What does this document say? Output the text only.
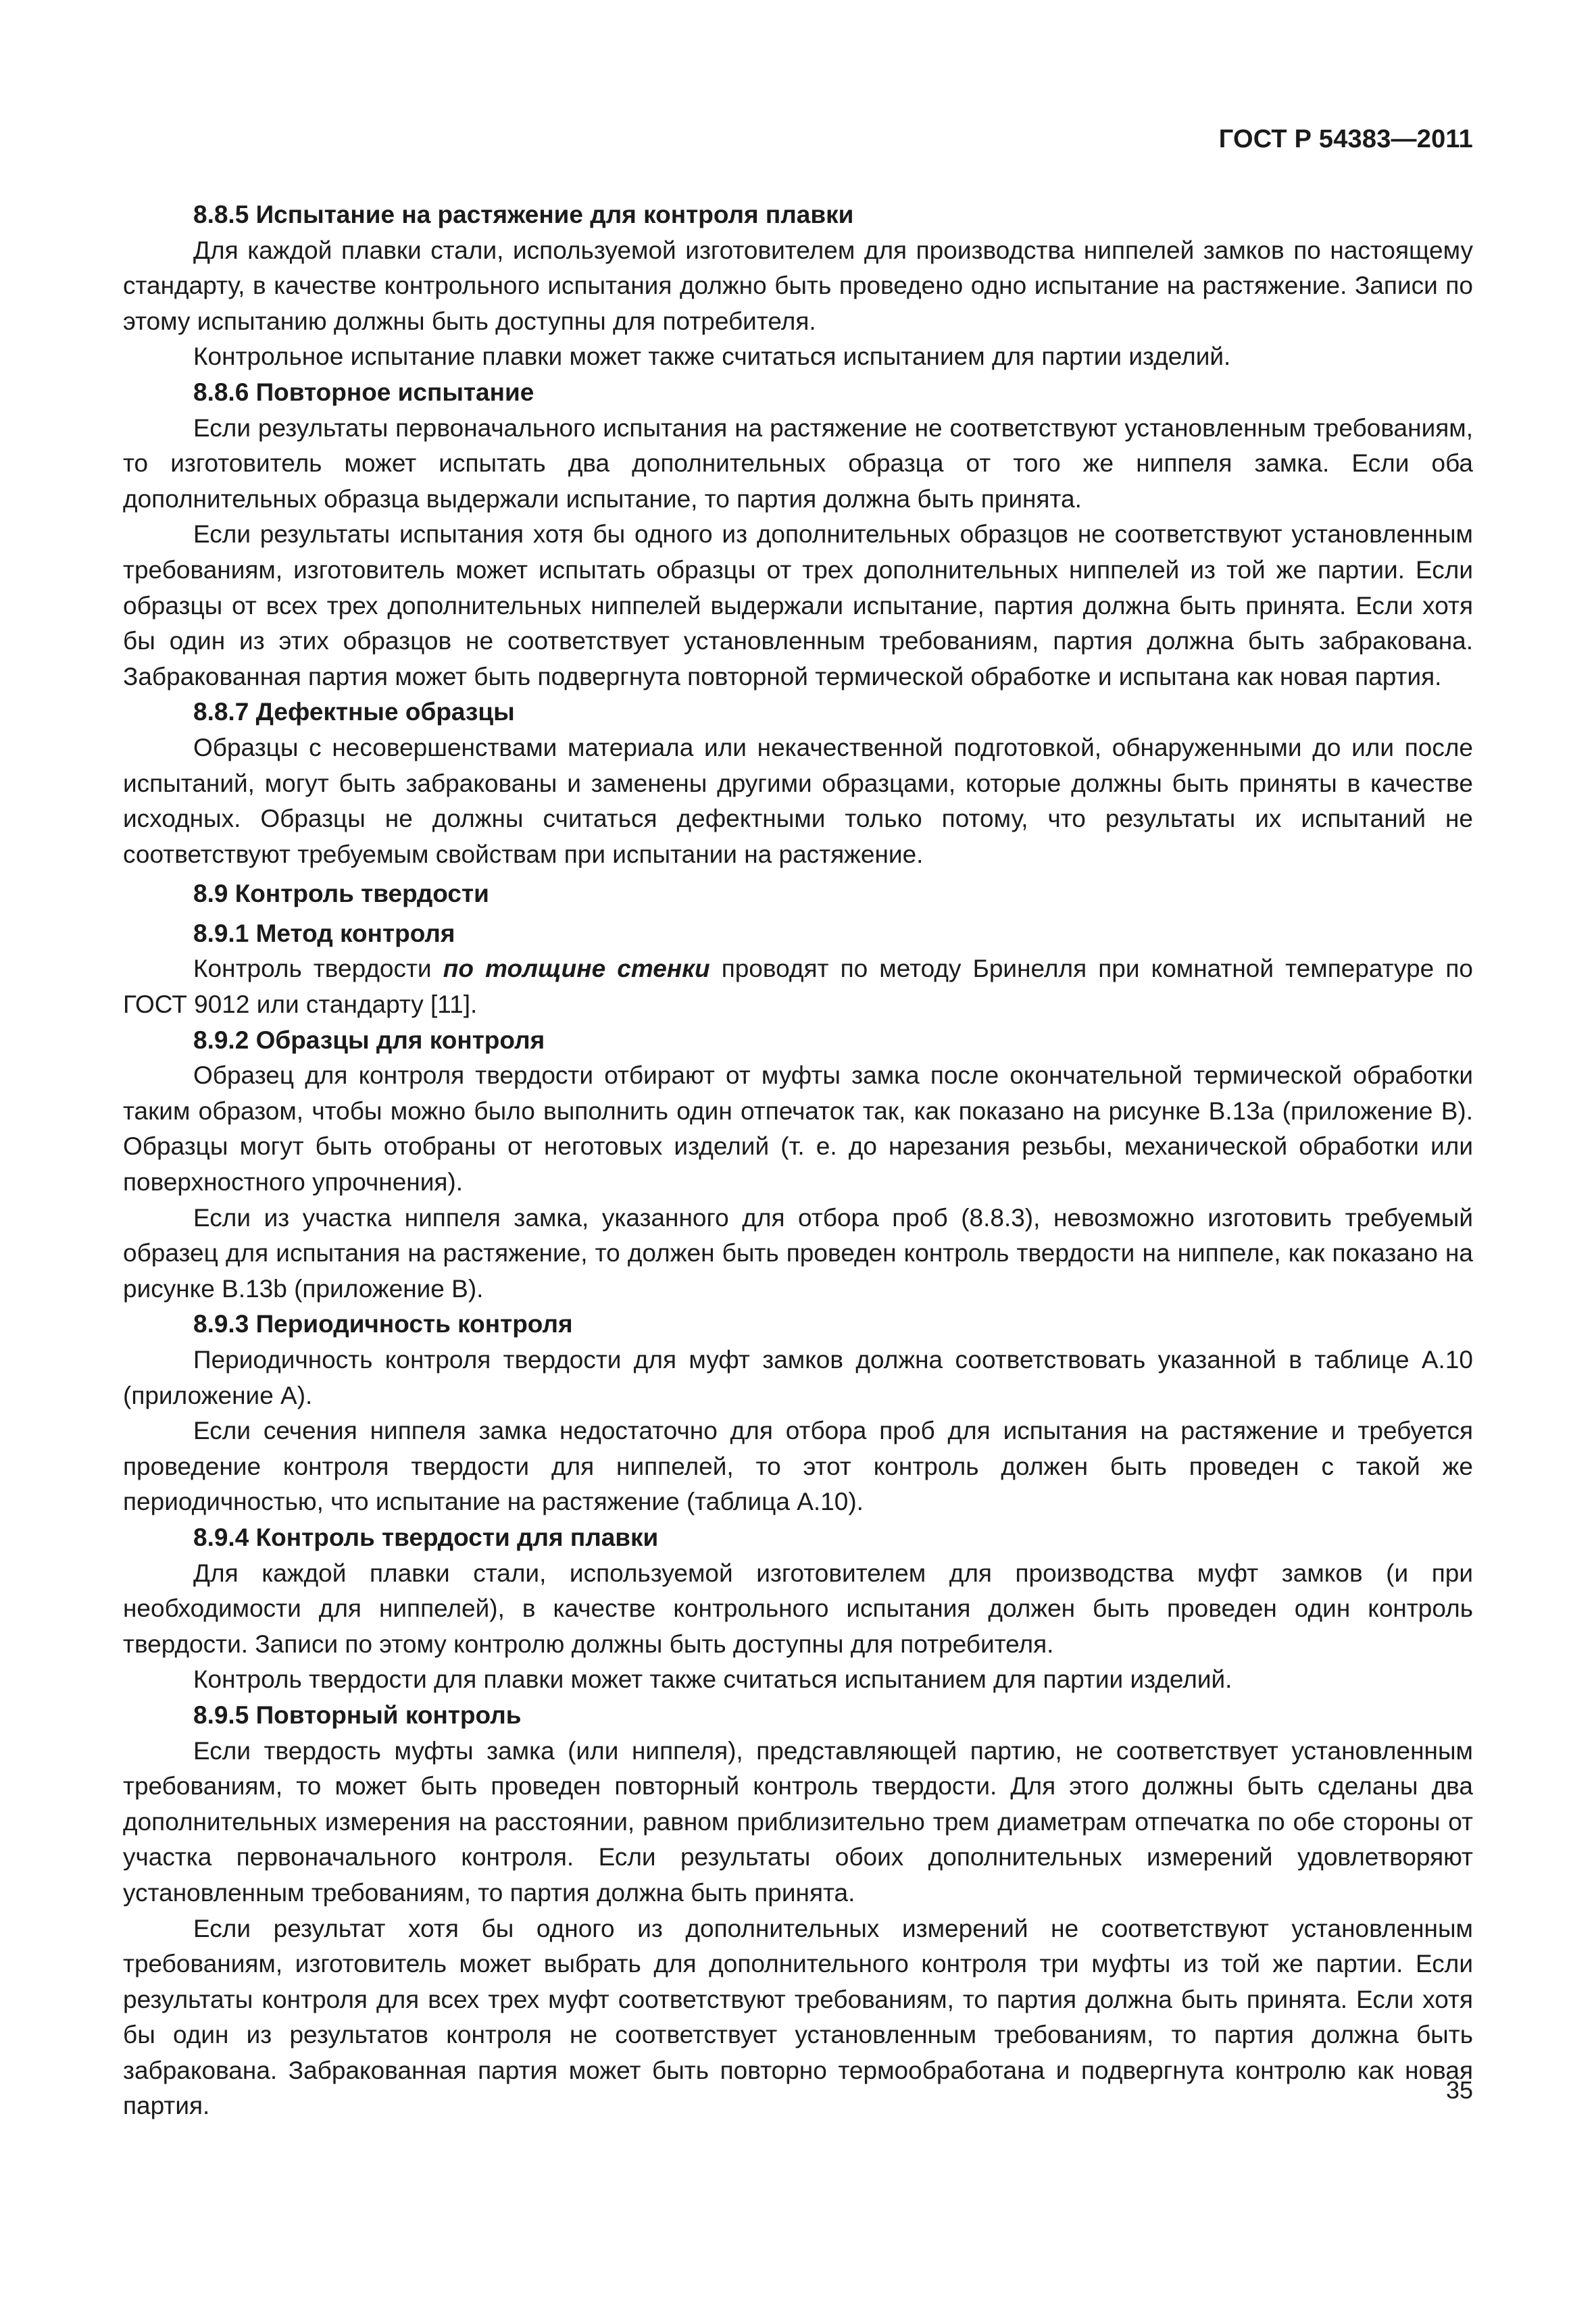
ГОСТ Р 54383—2011
8.8.5 Испытание на растяжение для контроля плавки

Для каждой плавки стали, используемой изготовителем для производства ниппелей замков по настоящему стандарту, в качестве контрольного испытания должно быть проведено одно испытание на растяжение. Записи по этому испытанию должны быть доступны для потребителя.

Контрольное испытание плавки может также считаться испытанием для партии изделий.

8.8.6 Повторное испытание

Если результаты первоначального испытания на растяжение не соответствуют установленным требованиям, то изготовитель может испытать два дополнительных образца от того же ниппеля замка. Если оба дополнительных образца выдержали испытание, то партия должна быть принята.

Если результаты испытания хотя бы одного из дополнительных образцов не соответствуют установленным требованиям, изготовитель может испытать образцы от трех дополнительных ниппелей из той же партии. Если образцы от всех трех дополнительных ниппелей выдержали испытание, партия должна быть принята. Если хотя бы один из этих образцов не соответствует установленным требованиям, партия должна быть забракована. Забракованная партия может быть подвергнута повторной термической обработке и испытана как новая партия.

8.8.7 Дефектные образцы

Образцы с несовершенствами материала или некачественной подготовкой, обнаруженными до или после испытаний, могут быть забракованы и заменены другими образцами, которые должны быть приняты в качестве исходных. Образцы не должны считаться дефектными только потому, что результаты их испытаний не соответствуют требуемым свойствам при испытании на растяжение.

8.9 Контроль твердости
8.9.1 Метод контроля

Контроль твердости по толщине стенки проводят по методу Бринелля при комнатной температуре по ГОСТ 9012 или стандарту [11].

8.9.2 Образцы для контроля

Образец для контроля твердости отбирают от муфты замка после окончательной термической обработки таким образом, чтобы можно было выполнить один отпечаток так, как показано на рисунке В.13a (приложение В). Образцы могут быть отобраны от неготовых изделий (т. е. до нарезания резьбы, механической обработки или поверхностного упрочнения).

Если из участка ниппеля замка, указанного для отбора проб (8.8.3), невозможно изготовить требуемый образец для испытания на растяжение, то должен быть проведен контроль твердости на ниппеле, как показано на рисунке В.13b (приложение В).

8.9.3 Периодичность контроля

Периодичность контроля твердости для муфт замков должна соответствовать указанной в таблице А.10 (приложение А).

Если сечения ниппеля замка недостаточно для отбора проб для испытания на растяжение и требуется проведение контроля твердости для ниппелей, то этот контроль должен быть проведен с такой же периодичностью, что испытание на растяжение (таблица А.10).

8.9.4 Контроль твердости для плавки

Для каждой плавки стали, используемой изготовителем для производства муфт замков (и при необходимости для ниппелей), в качестве контрольного испытания должен быть проведен один контроль твердости. Записи по этому контролю должны быть доступны для потребителя.

Контроль твердости для плавки может также считаться испытанием для партии изделий.

8.9.5 Повторный контроль

Если твердость муфты замка (или ниппеля), представляющей партию, не соответствует установленным требованиям, то может быть проведен повторный контроль твердости. Для этого должны быть сделаны два дополнительных измерения на расстоянии, равном приблизительно трем диаметрам отпечатка по обе стороны от участка первоначального контроля. Если результаты обоих дополнительных измерений удовлетворяют установленным требованиям, то партия должна быть принята.

Если результат хотя бы одного из дополнительных измерений не соответствуют установленным требованиям, изготовитель может выбрать для дополнительного контроля три муфты из той же партии. Если результаты контроля для всех трех муфт соответствуют требованиям, то партия должна быть принята. Если хотя бы один из результатов контроля не соответствует установленным требованиям, то партия должна быть забракована. Забракованная партия может быть повторно термообработана и подвергнута контролю как новая партия.

35
